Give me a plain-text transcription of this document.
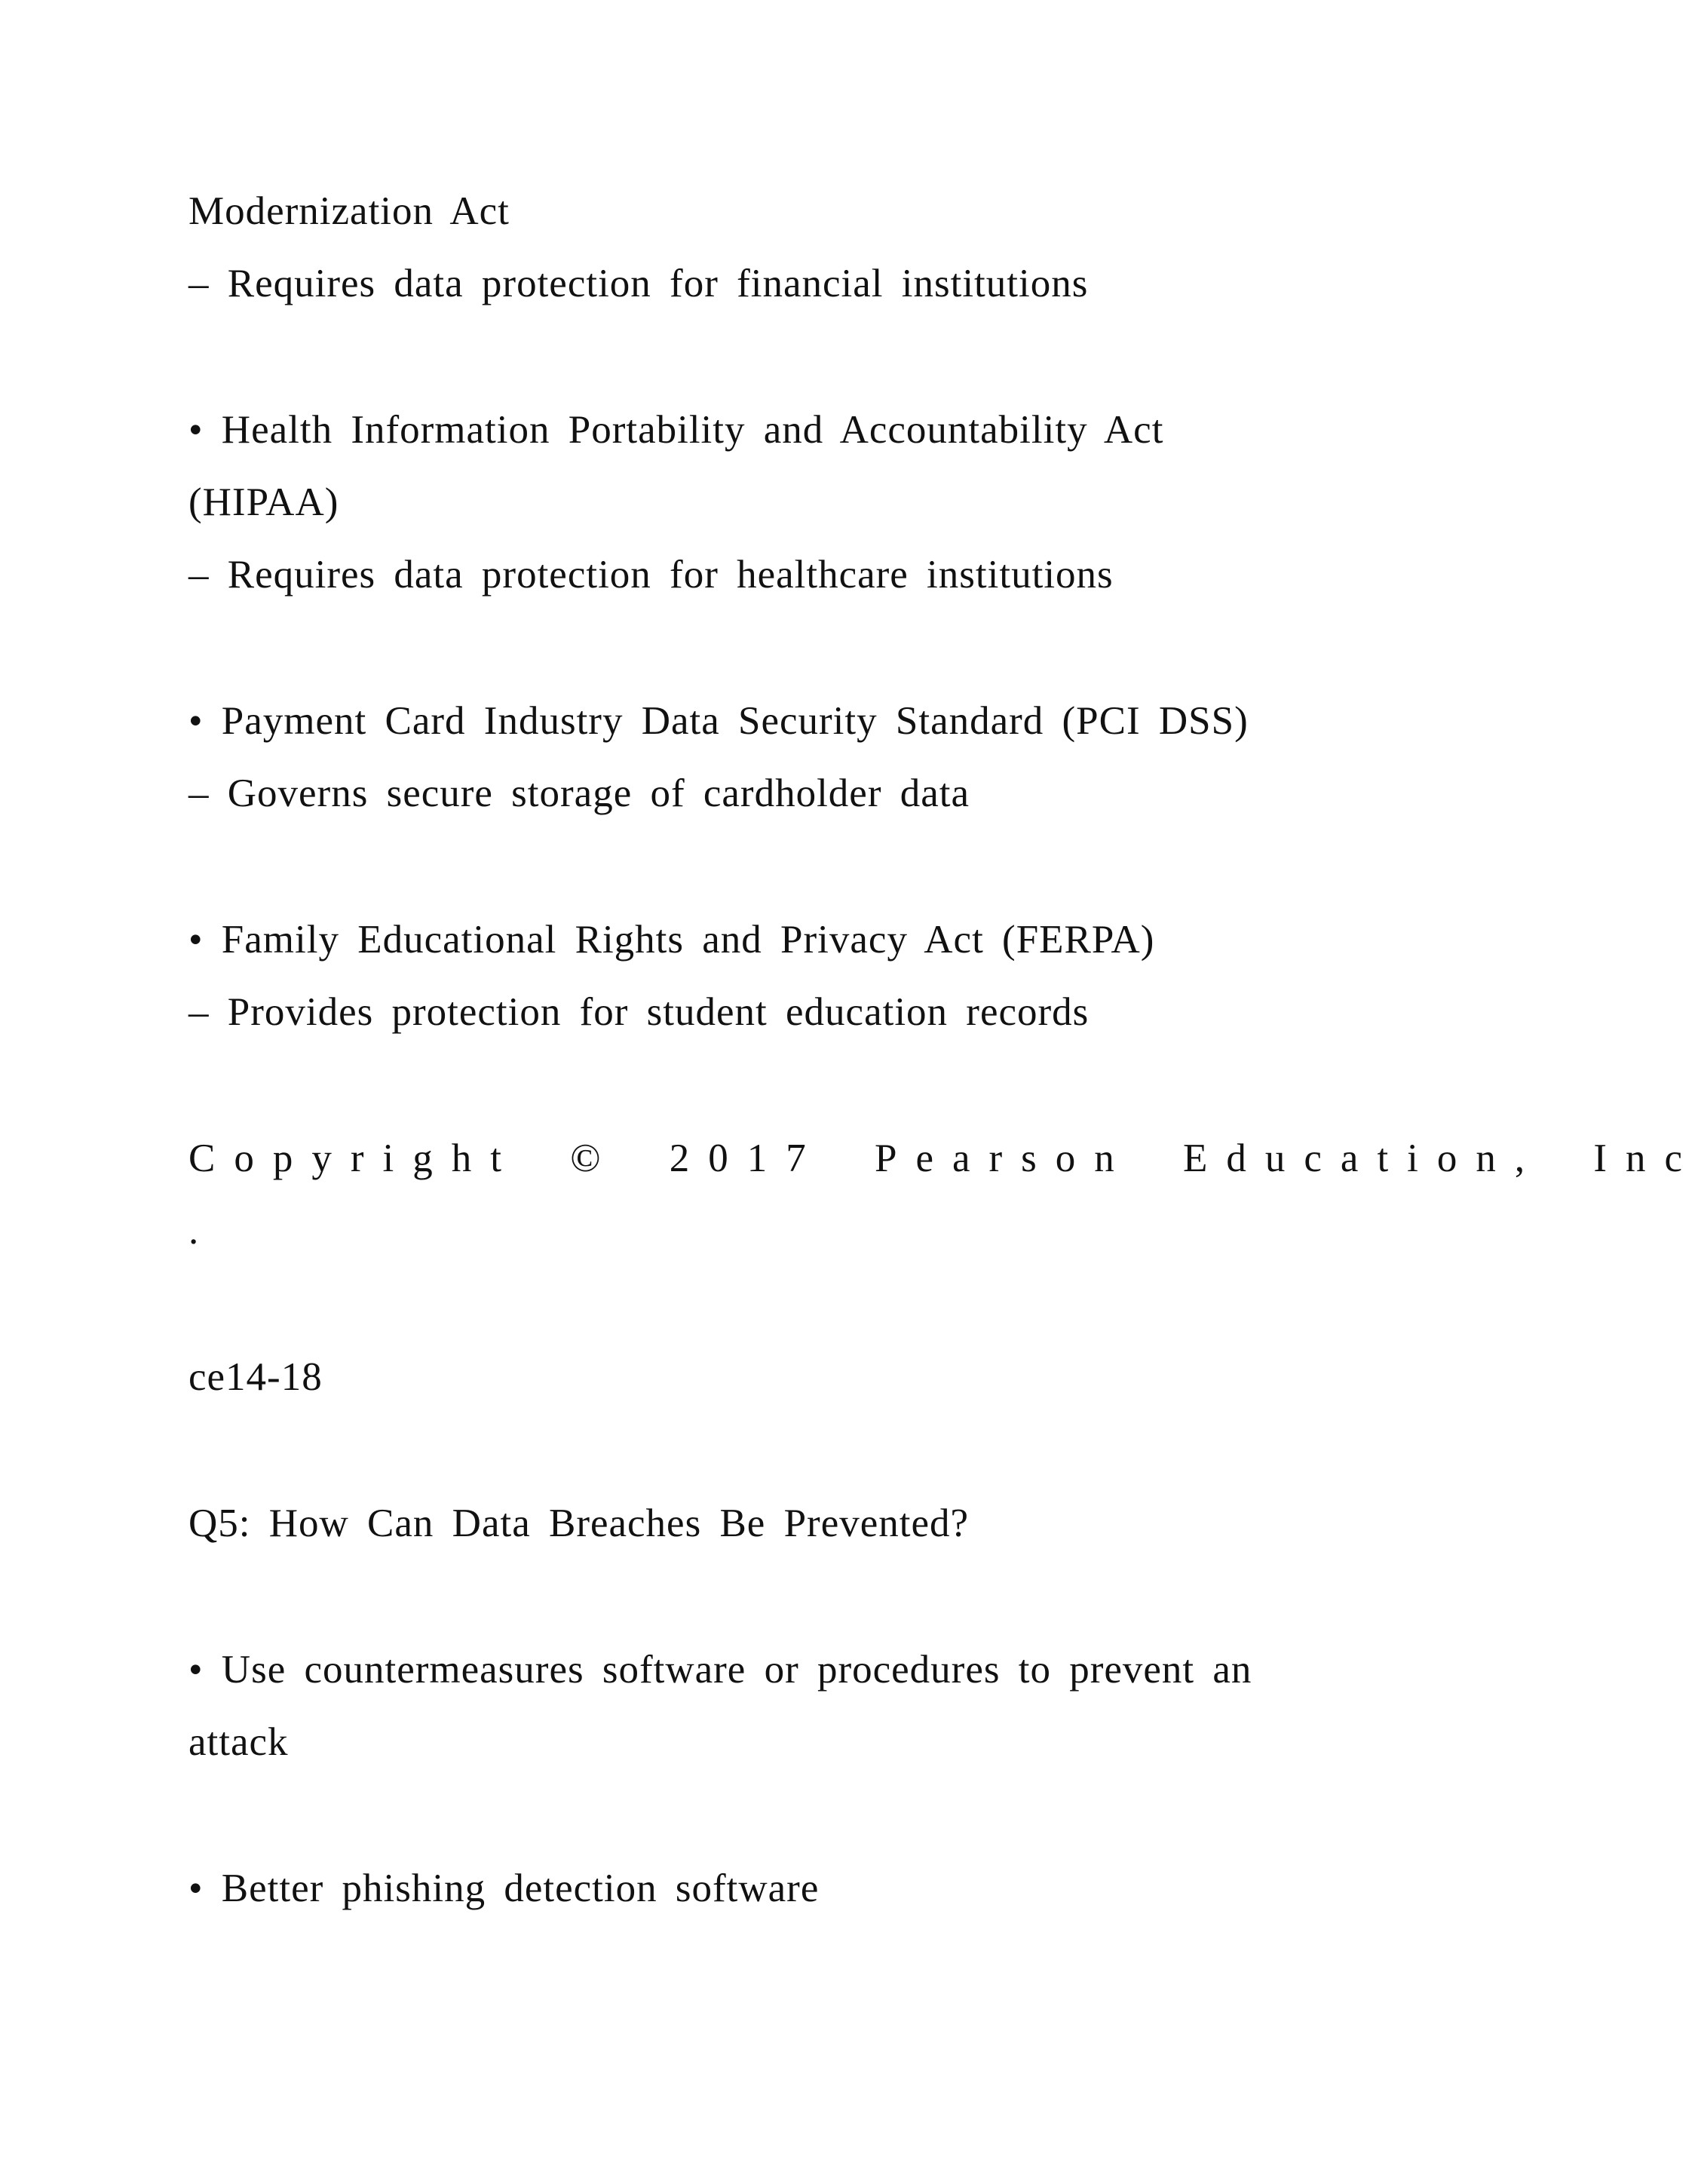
Modernization Act
– Requires data protection for financial institutions
• Health Information Portability and Accountability Act
(HIPAA)
– Requires data protection for healthcare institutions
• Payment Card Industry Data Security Standard (PCI DSS)
– Governs secure storage of cardholder data
• Family Educational Rights and Privacy Act (FERPA)
– Provides protection for student education records
Copyright © 2017 Pearson Education, Inc
.
ce14-18
Q5: How Can Data Breaches Be Prevented?
• Use countermeasures software or procedures to prevent an
attack
• Better phishing detection software
